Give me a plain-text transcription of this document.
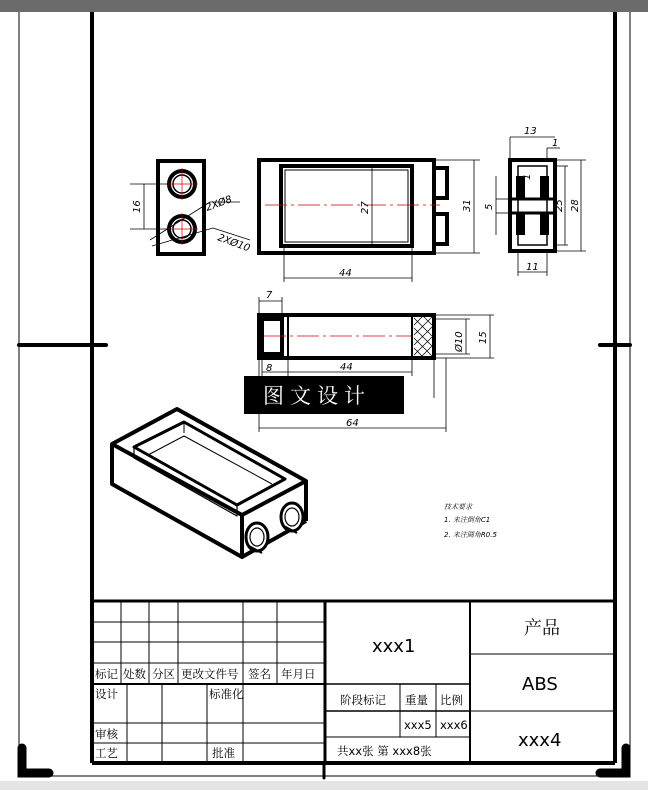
16	2XØ8
2XØ10
27	31
44
13
1
1
5	25 28
11
7
8	44
Ø10 15
64
图文设计
技术要求
1. 未注倒角C1
2. 未注圆角R0.5
标记 处数 分区 更改文件号 签名 年月日
设计	标准化
审核
工艺	批准
xxx1
阶段标记 重量 比例
xxx5 xxx6
共xx张 第 xxx8张
产品
ABS
xxx4
